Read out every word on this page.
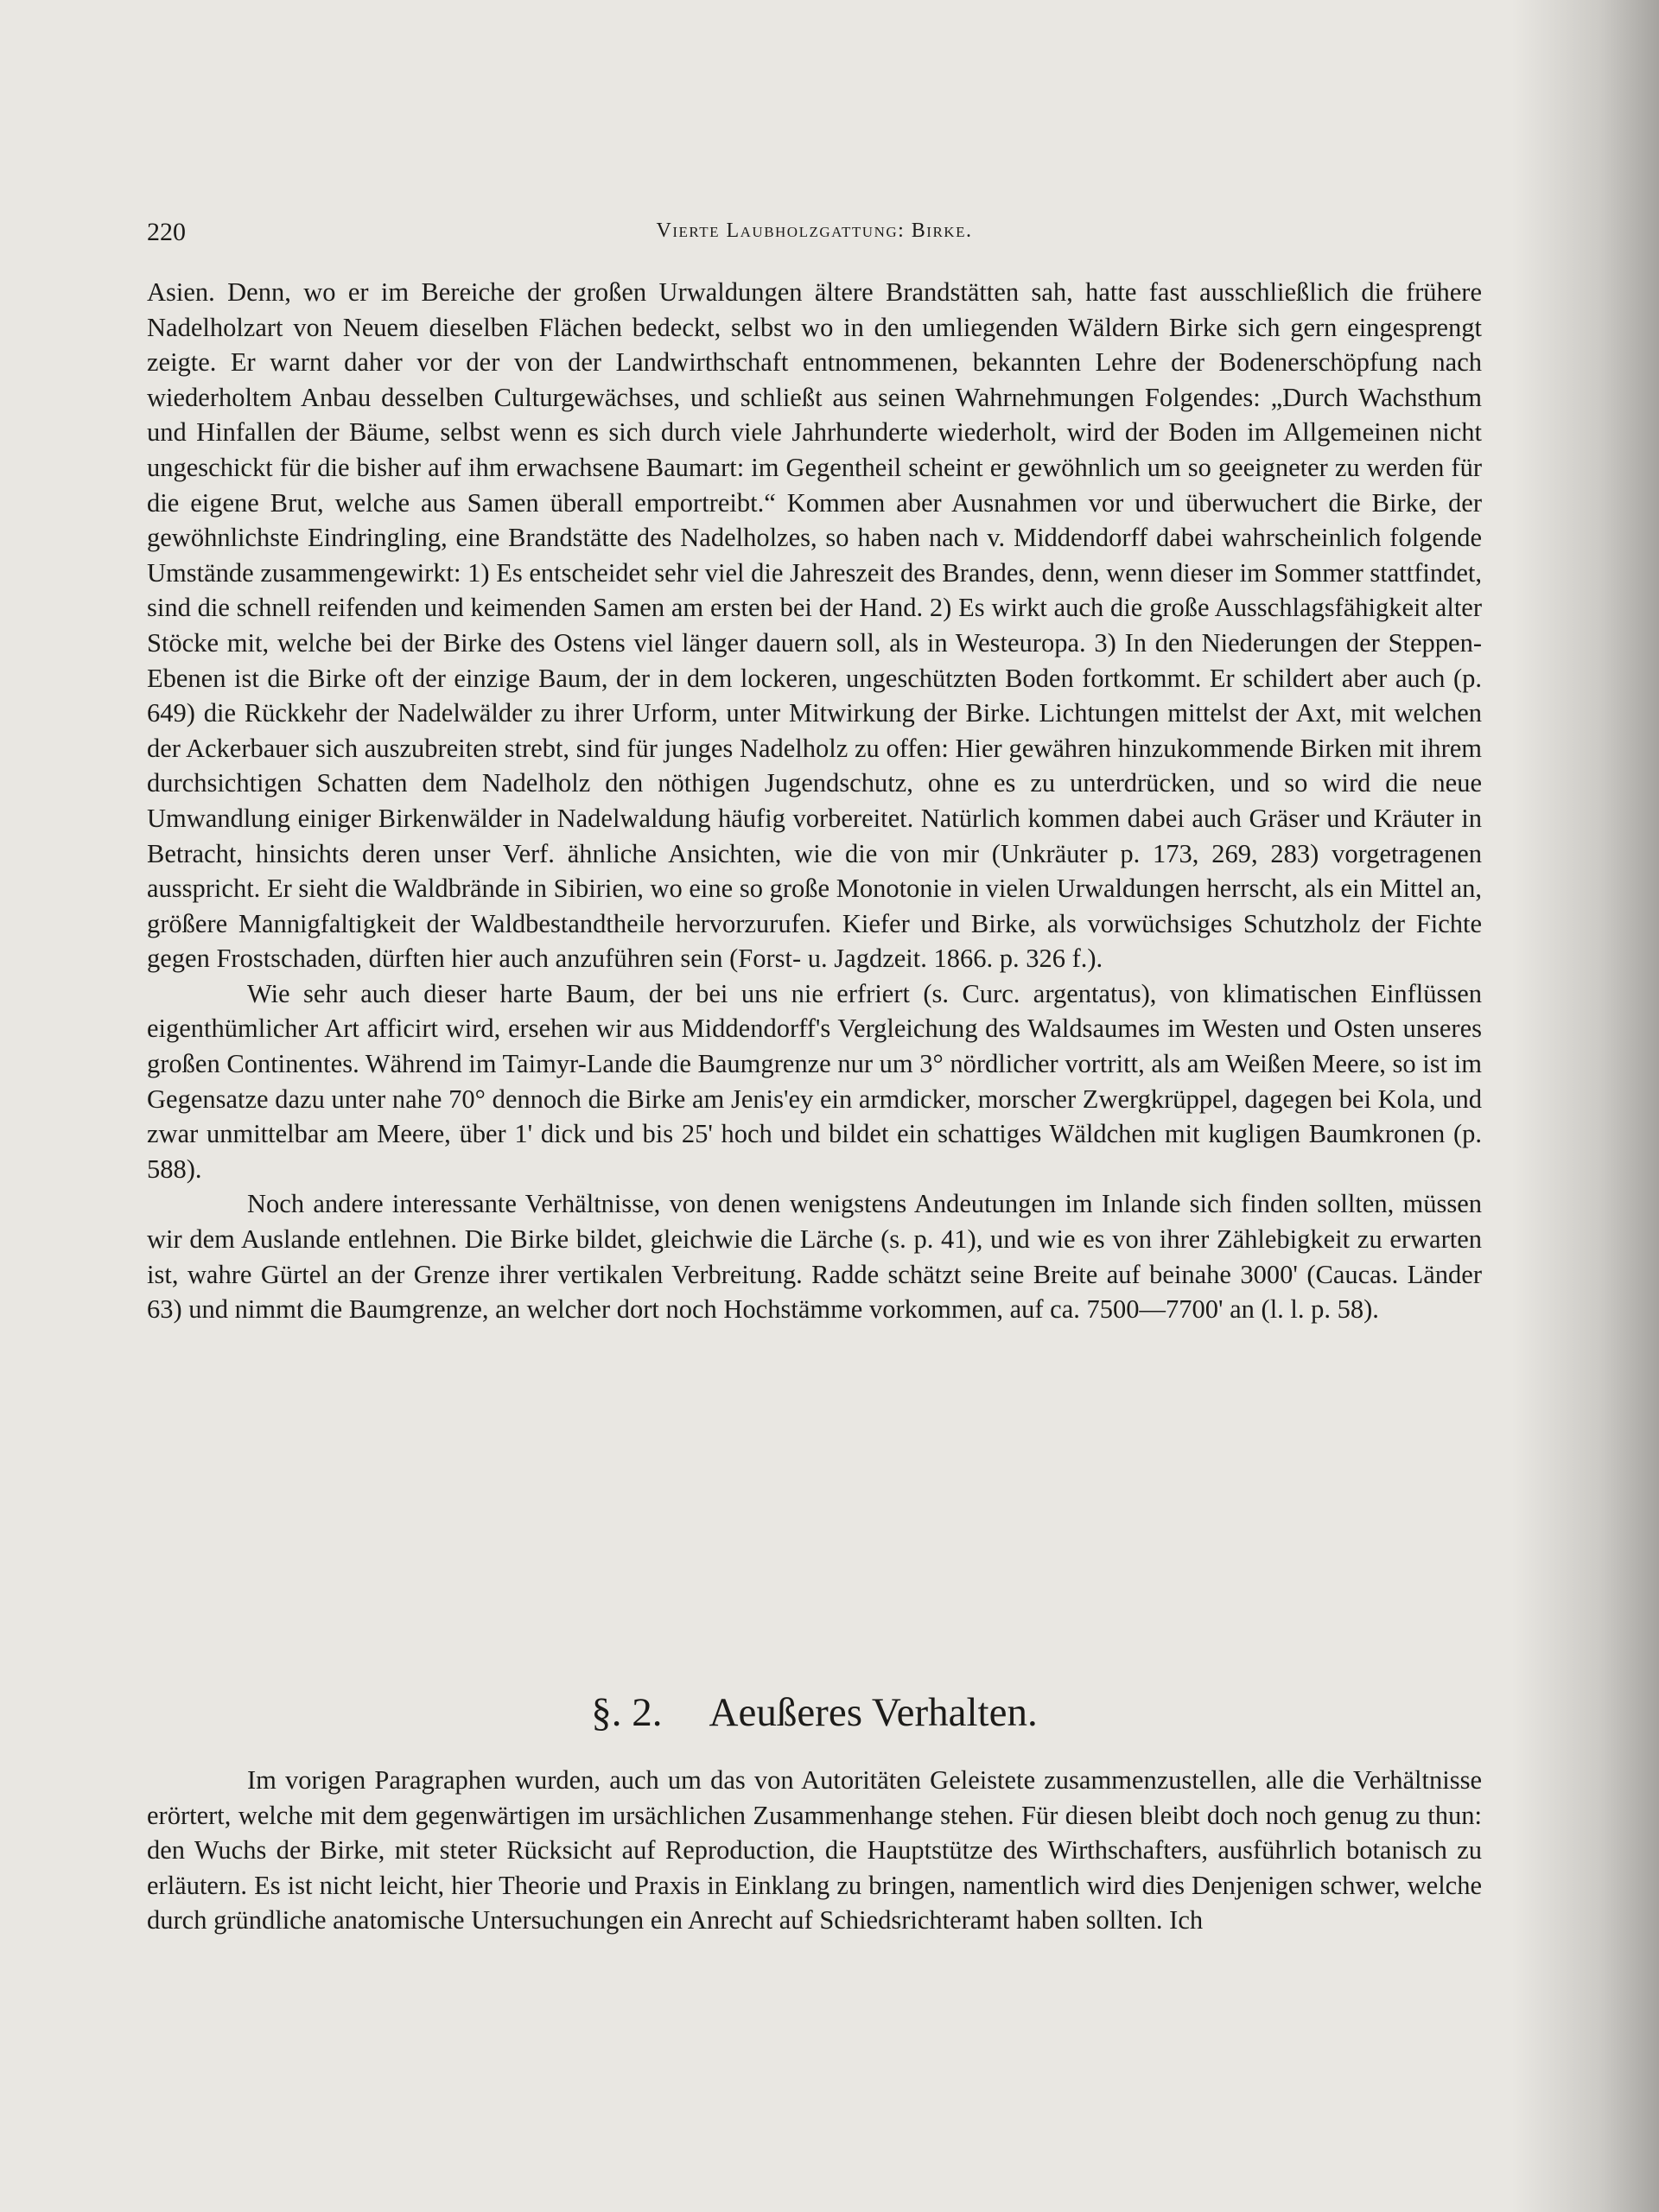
220	Vierte Laubholzgattung: Birke.

Asien. Denn, wo er im Bereiche der großen Urwaldungen ältere Brandstätten sah, hatte fast ausschließlich die frühere Nadelholzart von Neuem dieselben Flächen bedeckt, selbst wo in den umliegenden Wäldern Birke sich gern eingesprengt zeigte. Er warnt daher vor der von der Landwirthschaft entnommenen, bekannten Lehre der Bodenerschöpfung nach wiederholtem Anbau desselben Culturgewächses, und schließt aus seinen Wahrnehmungen Folgendes: „Durch Wachsthum und Hinfallen der Bäume, selbst wenn es sich durch viele Jahrhunderte wiederholt, wird der Boden im Allgemeinen nicht ungeschickt für die bisher auf ihm erwachsene Baumart: im Gegentheil scheint er gewöhnlich um so geeigneter zu werden für die eigene Brut, welche aus Samen überall emportreibt.“ Kommen aber Ausnahmen vor und überwuchert die Birke, der gewöhnlichste Eindringling, eine Brandstätte des Nadelholzes, so haben nach v. Middendorff dabei wahrscheinlich folgende Umstände zusammengewirkt: 1) Es entscheidet sehr viel die Jahreszeit des Brandes, denn, wenn dieser im Sommer stattfindet, sind die schnell reifenden und keimenden Samen am ersten bei der Hand. 2) Es wirkt auch die große Ausschlagsfähigkeit alter Stöcke mit, welche bei der Birke des Ostens viel länger dauern soll, als in Westeuropa. 3) In den Niederungen der Steppen-Ebenen ist die Birke oft der einzige Baum, der in dem lockeren, ungeschützten Boden fortkommt. Er schildert aber auch (p. 649) die Rückkehr der Nadelwälder zu ihrer Urform, unter Mitwirkung der Birke. Lichtungen mittelst der Axt, mit welchen der Ackerbauer sich auszubreiten strebt, sind für junges Nadelholz zu offen: Hier gewähren hinzukommende Birken mit ihrem durchsichtigen Schatten dem Nadelholz den nöthigen Jugendschutz, ohne es zu unterdrücken, und so wird die neue Umwandlung einiger Birkenwälder in Nadelwaldung häufig vorbereitet. Natürlich kommen dabei auch Gräser und Kräuter in Betracht, hinsichts deren unser Verf. ähnliche Ansichten, wie die von mir (Unkräuter p. 173, 269, 283) vorgetragenen ausspricht. Er sieht die Waldbrände in Sibirien, wo eine so große Monotonie in vielen Urwaldungen herrscht, als ein Mittel an, größere Mannigfaltigkeit der Waldbestandtheile hervorzurufen. Kiefer und Birke, als vorwüchsiges Schutzholz der Fichte gegen Frostschaden, dürften hier auch anzuführen sein (Forst- u. Jagdzeit. 1866. p. 326 f.).

Wie sehr auch dieser harte Baum, der bei uns nie erfriert (s. Curc. argentatus), von klimatischen Einflüssen eigenthümlicher Art afficirt wird, ersehen wir aus Middendorff's Vergleichung des Waldsaumes im Westen und Osten unseres großen Continentes. Während im Taimyr-Lande die Baumgrenze nur um 3° nördlicher vortritt, als am Weißen Meere, so ist im Gegensatze dazu unter nahe 70° dennoch die Birke am Jenis'ey ein armdicker, morscher Zwergkrüppel, dagegen bei Kola, und zwar unmittelbar am Meere, über 1' dick und bis 25' hoch und bildet ein schattiges Wäldchen mit kugligen Baumkronen (p. 588).

Noch andere interessante Verhältnisse, von denen wenigstens Andeutungen im Inlande sich finden sollten, müssen wir dem Auslande entlehnen. Die Birke bildet, gleichwie die Lärche (s. p. 41), und wie es von ihrer Zählebigkeit zu erwarten ist, wahre Gürtel an der Grenze ihrer vertikalen Verbreitung. Radde schätzt seine Breite auf beinahe 3000' (Caucas. Länder 63) und nimmt die Baumgrenze, an welcher dort noch Hochstämme vorkommen, auf ca. 7500—7700' an (l. l. p. 58).

§. 2. Aeußeres Verhalten.

Im vorigen Paragraphen wurden, auch um das von Autoritäten Geleistete zusammenzustellen, alle die Verhältnisse erörtert, welche mit dem gegenwärtigen im ursächlichen Zusammenhange stehen. Für diesen bleibt doch noch genug zu thun: den Wuchs der Birke, mit steter Rücksicht auf Reproduction, die Hauptstütze des Wirthschafters, ausführlich botanisch zu erläutern. Es ist nicht leicht, hier Theorie und Praxis in Einklang zu bringen, namentlich wird dies Denjenigen schwer, welche durch gründliche anatomische Untersuchungen ein Anrecht auf Schiedsrichteramt haben sollten. Ich
